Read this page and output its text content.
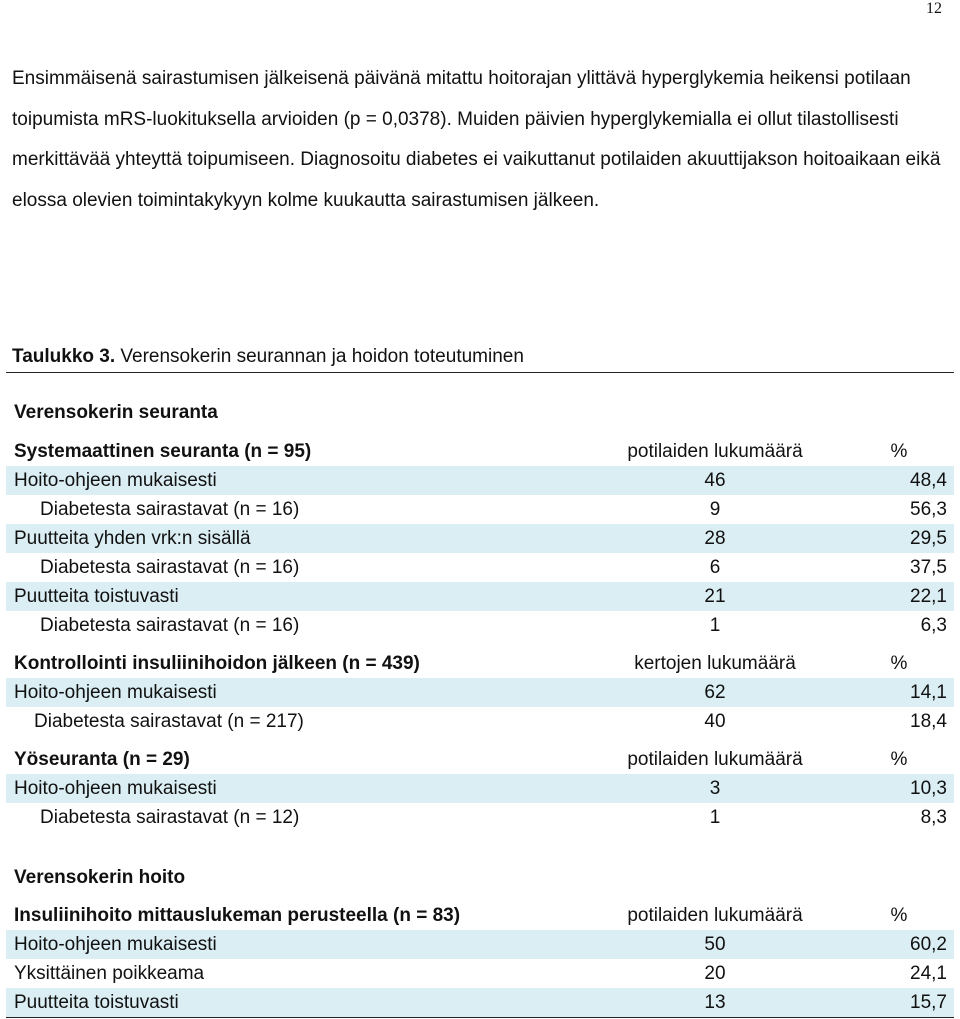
12

Ensimmäisenä sairastumisen jälkeisenä päivänä mitattu hoitorajan ylittävä hyperglykemia heikensi potilaan toipumista mRS-luokituksella arvioiden (p = 0,0378). Muiden päivien hyperglykemialla ei ollut tilastollisesti merkittävää yhteyttä toipumiseen. Diagnosoitu diabetes ei vaikuttanut potilaiden akuuttijakson hoitoaikaan eikä elossa olevien toimintakykyyn kolme kuukautta sairastumisen jälkeen.

Taulukko 3. Verensokerin seurannan ja hoidon toteutuminen
Verensokerin seuranta
Systemaattinen seuranta (n = 95)	potilaiden lukumäärä	%
Hoito-ohjeen mukaisesti	46	48,4
Diabetesta sairastavat (n = 16)	9	56,3
Puutteita yhden vrk:n sisällä	28	29,5
Diabetesta sairastavat (n = 16)	6	37,5
Puutteita toistuvasti	21	22,1
Diabetesta sairastavat (n = 16)	1	6,3
Kontrollointi insuliinihoidon jälkeen (n = 439)	kertojen lukumäärä	%
Hoito-ohjeen mukaisesti	62	14,1
Diabetesta sairastavat (n = 217)	40	18,4
Yöseuranta (n = 29)	potilaiden lukumäärä	%
Hoito-ohjeen mukaisesti	3	10,3
Diabetesta sairastavat (n = 12)	1	8,3
Verensokerin hoito
Insuliinihoito mittauslukeman perusteella (n = 83)	potilaiden lukumäärä	%
Hoito-ohjeen mukaisesti	50	60,2
Yksittäinen poikkeama	20	24,1
Puutteita toistuvasti	13	15,7
